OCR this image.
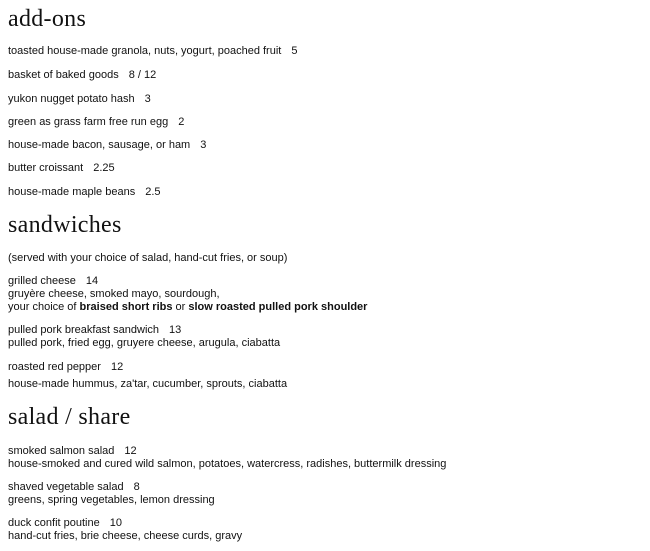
add-ons
toasted house-made granola, nuts, yogurt, poached fruit 5
basket of baked goods 8 / 12
yukon nugget potato hash 3
green as grass farm free run egg 2
house-made bacon, sausage, or ham 3
butter croissant 2.25
house-made maple beans 2.5
sandwiches
(served with your choice of salad, hand-cut fries, or soup)
grilled cheese 14
gruyère cheese, smoked mayo, sourdough,
your choice of braised short ribs or slow roasted pulled pork shoulder
pulled pork breakfast sandwich 13
pulled pork, fried egg, gruyere cheese, arugula, ciabatta
roasted red pepper 12
house-made hummus, za'tar, cucumber, sprouts, ciabatta
salad / share
smoked salmon salad 12
house-smoked and cured wild salmon, potatoes, watercress, radishes, buttermilk dressing
shaved vegetable salad 8
greens, spring vegetables, lemon dressing
duck confit poutine 10
hand-cut fries, brie cheese, cheese curds, gravy
